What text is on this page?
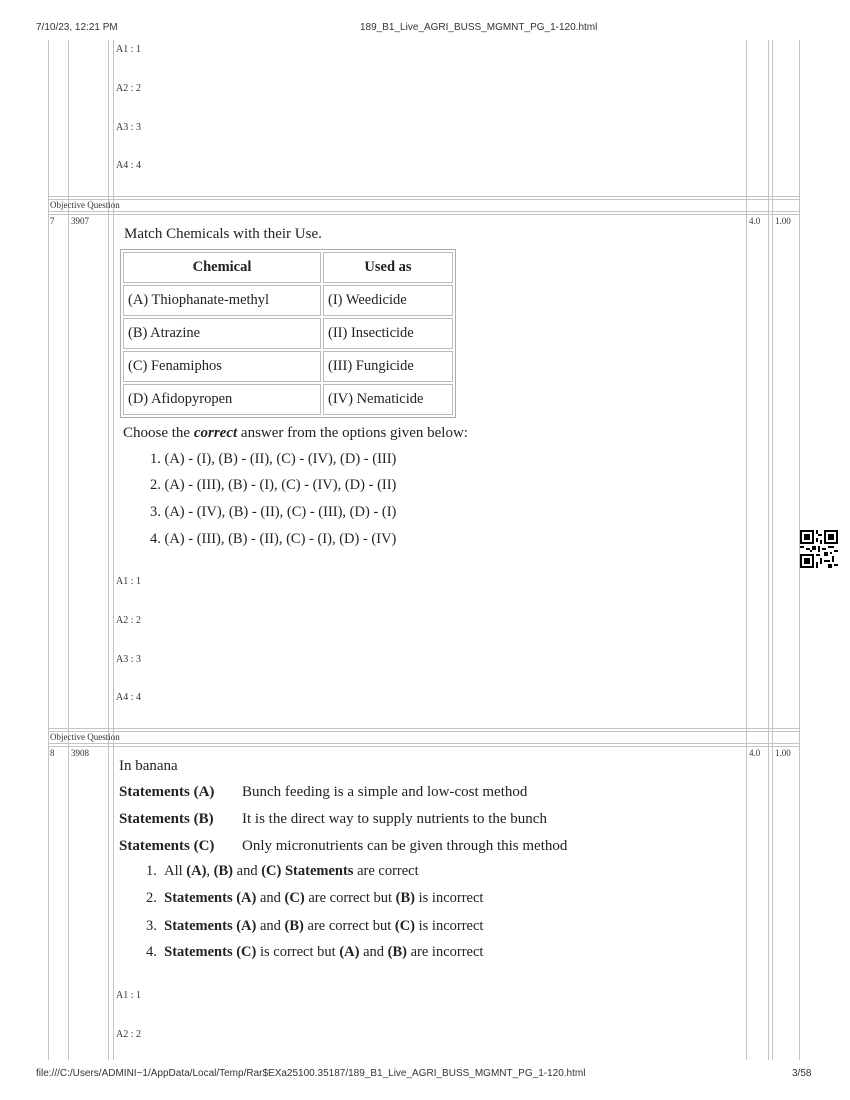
7/10/23, 12:21 PM	189_B1_Live_AGRI_BUSS_MGMNT_PG_1-120.html
file:///C:/Users/ADMINI~1/AppData/Local/Temp/Rar$EXa25100.35187/189_B1_Live_AGRI_BUSS_MGMNT_PG_1-120.html	3/58
A1 : 1
A2 : 2
A3 : 3
A4 : 4
Objective Question
7 3907	4.0 1.00
Match Chemicals with their Use.
Chemical	Used as
(A) Thiophanate-methyl	(I) Weedicide
(B) Atrazine	(II) Insecticide
(C) Fenamiphos	(III) Fungicide
(D) Afidopyropen	(IV) Nematicide
Choose the correct answer from the options given below:
1. (A) - (I), (B) - (II), (C) - (IV), (D) - (III)
2. (A) - (III), (B) - (I), (C) - (IV), (D) - (II)
3. (A) - (IV), (B) - (II), (C) - (III), (D) - (I)
4. (A) - (III), (B) - (II), (C) - (I), (D) - (IV)
A1 : 1
A2 : 2
A3 : 3
A4 : 4
Objective Question
8 3908	4.0 1.00
In banana
Statements (A) Bunch feeding is a simple and low-cost method
Statements (B) It is the direct way to supply nutrients to the bunch
Statements (C) Only micronutrients can be given through this method
1.  All (A), (B) and (C) Statements are correct
2.  Statements (A) and (C) are correct but (B) is incorrect
3.  Statements (A) and (B) are correct but (C) is incorrect
4.  Statements (C) is correct but (A) and (B) are incorrect
A1 : 1
A2 : 2
